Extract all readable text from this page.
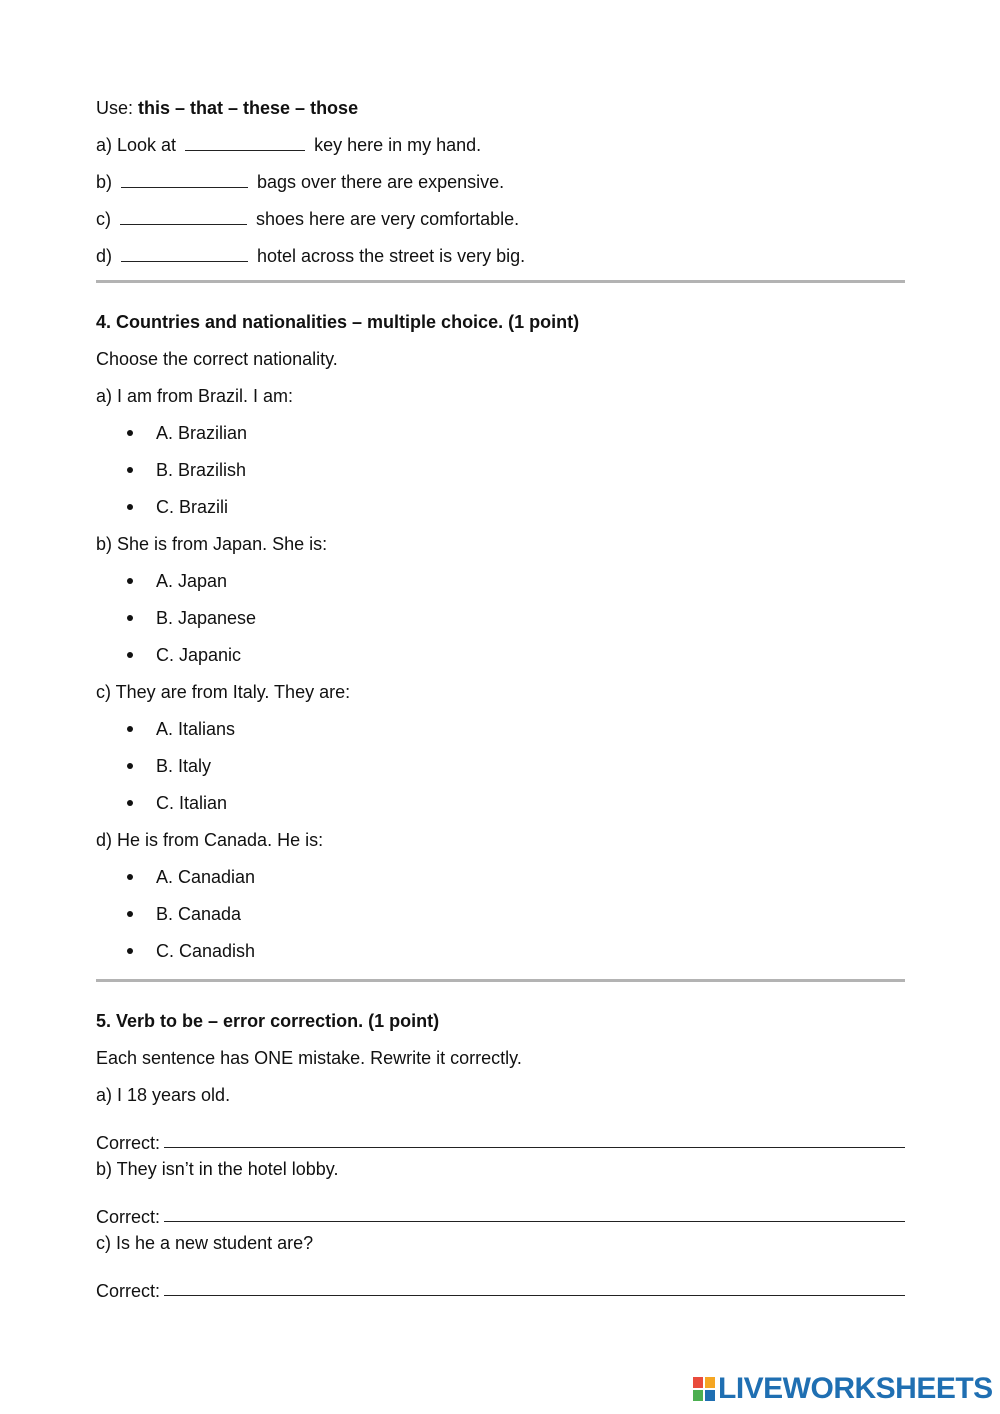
Use: this – that – these – those
a) Look at	key here in my hand.
b)	bags over there are expensive.
c)	shoes here are very comfortable.
d)	hotel across the street is very big.
4. Countries and nationalities – multiple choice. (1 point)
Choose the correct nationality.
a) I am from Brazil. I am:
A. Brazilian
B. Brazilish
C. Brazili
b) She is from Japan. She is:
A. Japan
B. Japanese
C. Japanic
c) They are from Italy. They are:
A. Italians
B. Italy
C. Italian
d) He is from Canada. He is:
A. Canadian
B. Canada
C. Canadish
5. Verb to be – error correction. (1 point)
Each sentence has ONE mistake. Rewrite it correctly.
a) I 18 years old.
Correct:
b) They isn’t in the hotel lobby.
Correct:
c) Is he a new student are?
Correct:
LIVEWORKSHEETS
